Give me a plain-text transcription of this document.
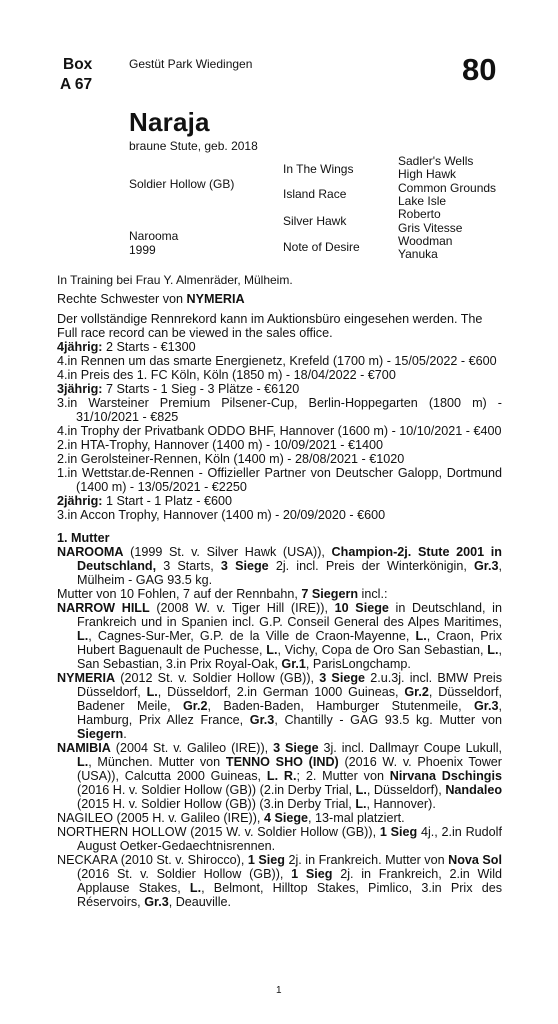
Box
A 67
Gestüt Park Wiedingen	80
Naraja
braune Stute, geb. 2018
Soldier Hollow (GB)
Narooma
1999
In The Wings
Island Race
Silver Hawk
Note of Desire
Sadler's Wells
High Hawk
Common Grounds
Lake Isle
Roberto
Gris Vitesse
Woodman
Yanuka

In Training bei Frau Y. Almenräder, Mülheim.

Rechte Schwester von NYMERIA

Der vollständige Rennrekord kann im Auktionsbüro eingesehen werden. The Full race record can be viewed in the sales office.

4jährig: 2 Starts - €1300

4.in Rennen um das smarte Energienetz, Krefeld (1700 m) - 15/05/2022 - €600

4.in Preis des 1. FC Köln, Köln (1850 m) - 18/04/2022 - €700

3jährig: 7 Starts - 1 Sieg - 3 Plätze - €6120

3.in Warsteiner Premium Pilsener-Cup, Berlin-Hoppegarten (1800 m) - 31/10/2021 - €825

4.in Trophy der Privatbank ODDO BHF, Hannover (1600 m) - 10/10/2021 - €400

2.in HTA-Trophy, Hannover (1400 m) - 10/09/2021 - €1400

2.in Gerolsteiner-Rennen, Köln (1400 m) - 28/08/2021 - €1020

1.in Wettstar.de-Rennen - Offizieller Partner von Deutscher Galopp, Dortmund (1400 m) - 13/05/2021 - €2250

2jährig: 1 Start - 1 Platz - €600

3.in Accon Trophy, Hannover (1400 m) - 20/09/2020 - €600

1. Mutter

NAROOMA (1999 St. v. Silver Hawk (USA)), Champion-2j. Stute 2001 in Deutschland, 3 Starts, 3 Siege 2j. incl. Preis der Winterkönigin, Gr.3, Mülheim - GAG 93.5 kg.

Mutter von 10 Fohlen, 7 auf der Rennbahn, 7 Siegern incl.:

NARROW HILL (2008 W. v. Tiger Hill (IRE)), 10 Siege in Deutschland, in Frankreich und in Spanien incl. G.P. Conseil General des Alpes Maritimes, L., Cagnes-Sur-Mer, G.P. de la Ville de Craon-Mayenne, L., Craon, Prix Hubert Baguenault de Puchesse, L., Vichy, Copa de Oro San Sebastian, L., San Sebastian, 3.in Prix Royal-Oak, Gr.1, ParisLongchamp.

NYMERIA (2012 St. v. Soldier Hollow (GB)), 3 Siege 2.u.3j. incl. BMW Preis Düsseldorf, L., Düsseldorf, 2.in German 1000 Guineas, Gr.2, Düsseldorf, Badener Meile, Gr.2, Baden-Baden, Hamburger Stutenmeile, Gr.3, Hamburg, Prix Allez France, Gr.3, Chantilly - GAG 93.5 kg. Mutter von Siegern.

NAMIBIA (2004 St. v. Galileo (IRE)), 3 Siege 3j. incl. Dallmayr Coupe Lukull, L., München. Mutter von TENNO SHO (IND) (2016 W. v. Phoenix Tower (USA)), Calcutta 2000 Guineas, L. R.; 2. Mutter von Nirvana Dschingis (2016 H. v. Soldier Hollow (GB)) (2.in Derby Trial, L., Düsseldorf), Nandaleo (2015 H. v. Soldier Hollow (GB)) (3.in Derby Trial, L., Hannover).

NAGILEO (2005 H. v. Galileo (IRE)), 4 Siege, 13-mal platziert.

NORTHERN HOLLOW (2015 W. v. Soldier Hollow (GB)), 1 Sieg 4j., 2.in Rudolf August Oetker-Gedaechtnisrennen.

NECKARA (2010 St. v. Shirocco), 1 Sieg 2j. in Frankreich. Mutter von Nova Sol (2016 St. v. Soldier Hollow (GB)), 1 Sieg 2j. in Frankreich, 2.in Wild Applause Stakes, L., Belmont, Hilltop Stakes, Pimlico, 3.in Prix des Réservoirs, Gr.3, Deauville.

1
